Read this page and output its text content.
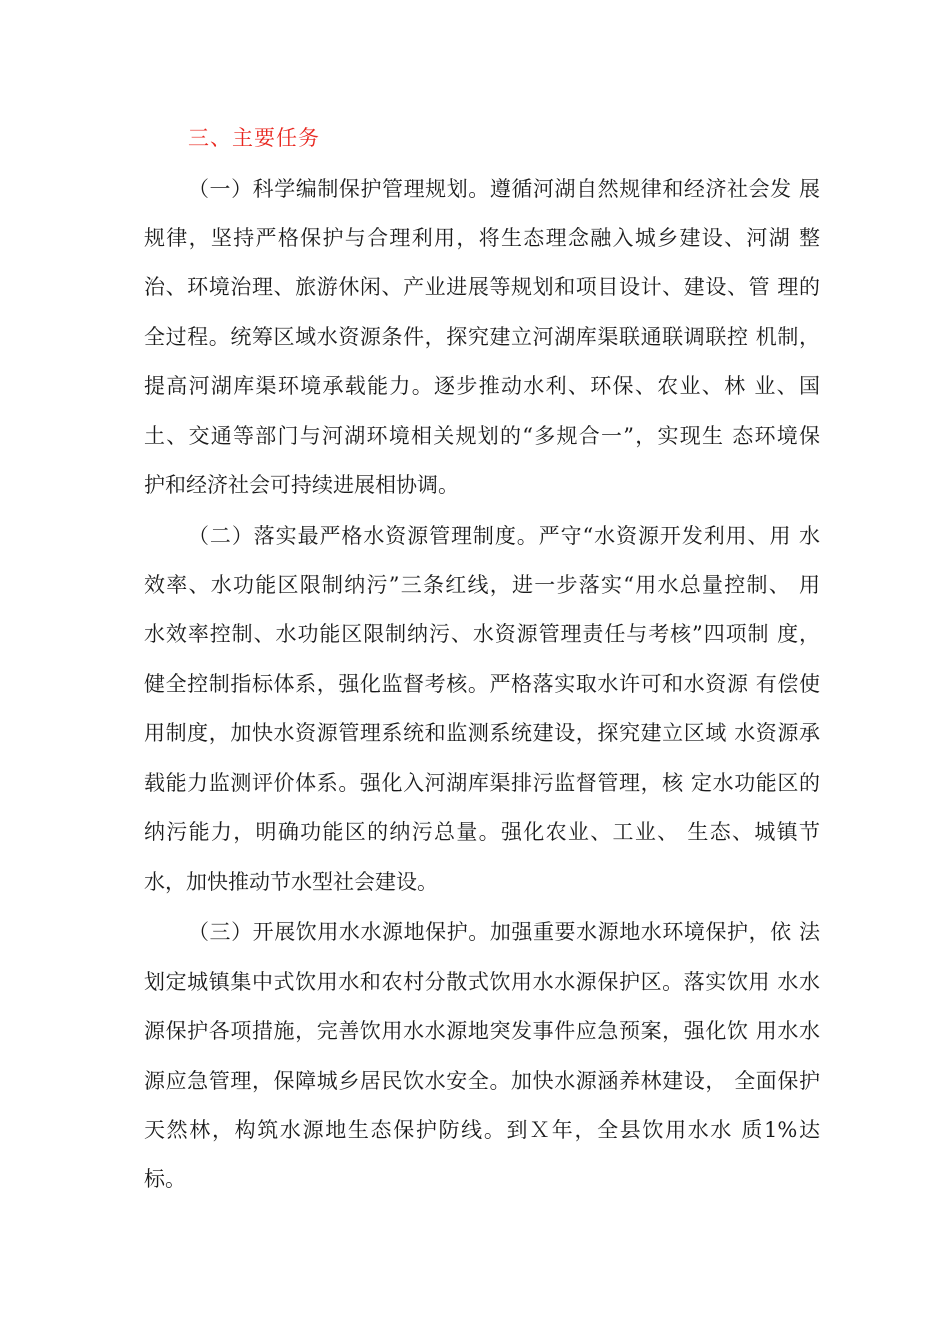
三、主要任务
（一）科学编制保护管理规划。遵循河湖自然规律和经济社会发 展
规律，坚持严格保护与合理利用，将生态理念融入城乡建设、河湖 整
治、环境治理、旅游休闲、产业进展等规划和项目设计、建设、管 理的
全过程。统筹区域水资源条件，探究建立河湖库渠联通联调联控 机制，
提高河湖库渠环境承载能力。逐步推动水利、环保、农业、林 业、国
土、交通等部门与河湖环境相关规划的“多规合一”，实现生 态环境保
护和经济社会可持续进展相协调。
（二）落实最严格水资源管理制度。严守“水资源开发利用、用 水
效率、水功能区限制纳污”三条红线，进一步落实“用水总量控制、 用
水效率控制、水功能区限制纳污、水资源管理责任与考核”四项制 度，
健全控制指标体系，强化监督考核。严格落实取水许可和水资源 有偿使
用制度，加快水资源管理系统和监测系统建设，探究建立区域 水资源承
载能力监测评价体系。强化入河湖库渠排污监督管理，核 定水功能区的
纳污能力，明确功能区的纳污总量。强化农业、工业、 生态、城镇节
水，加快推动节水型社会建设。
（三）开展饮用水水源地保护。加强重要水源地水环境保护，依 法
划定城镇集中式饮用水和农村分散式饮用水水源保护区。落实饮用 水水
源保护各项措施，完善饮用水水源地突发事件应急预案，强化饮 用水水
源应急管理，保障城乡居民饮水安全。加快水源涵养林建设， 全面保护
天然林，构筑水源地生态保护防线。到Ｘ年，全县饮用水水 质1%达
标。
